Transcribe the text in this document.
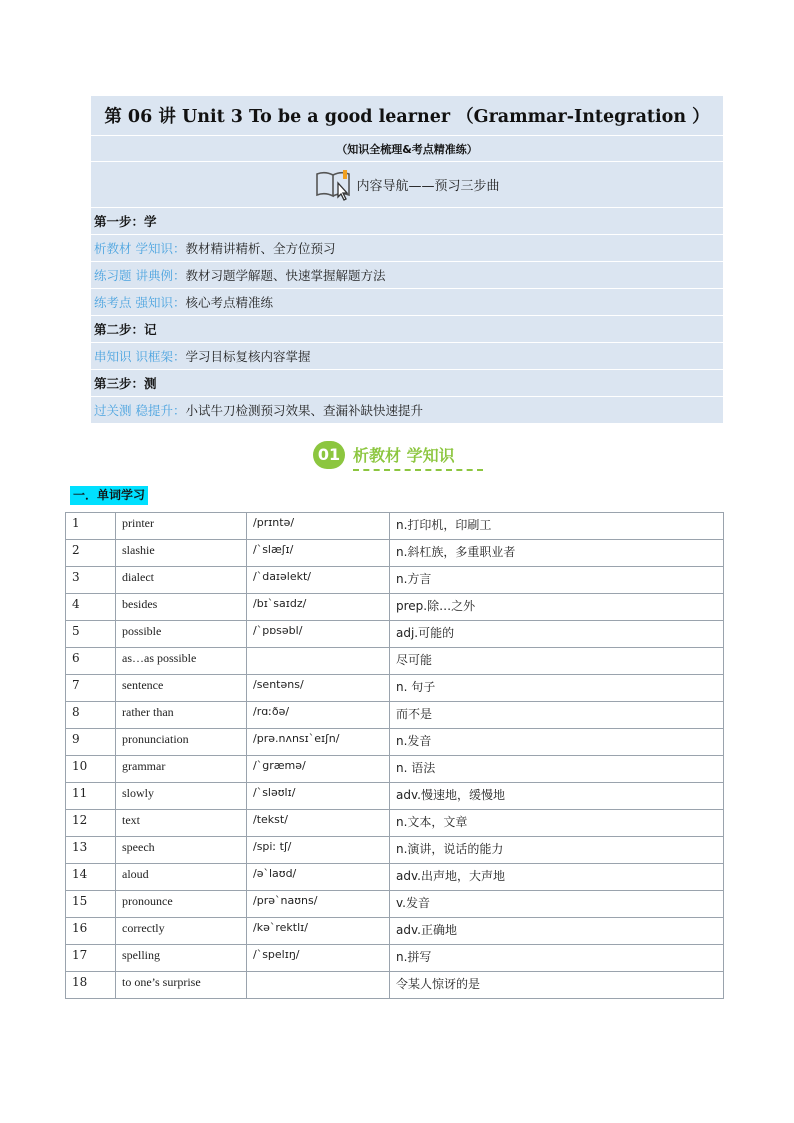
第 06 讲 Unit 3 To be a good learner （Grammar-Integration ）
（知识全梳理&考点精准练）
内容导航——预习三步曲
第一步：学
析教材 学知识： 教材精讲精析、全方位预习
练习题 讲典例： 教材习题学解题、快速掌握解题方法
练考点 强知识： 核心考点精准练
第二步：记
串知识 识框架： 学习目标复核内容掌握
第三步：测
过关测 稳提升： 小试牛刀检测预习效果、查漏补缺快速提升
01 析教材 学知识
一．单词学习
1	printer	/prɪntə/	n.打印机，印刷工
2	slashie	/ˋslæʃɪ/	n.斜杠族，多重职业者
3	dialect	/ˋdaɪəlekt/	n.方言
4	besides	/bɪˋsaɪdz/	prep.除…之外
5	possible	/ˋpɒsəbl/	adj.可能的
6	as…as possible		尽可能
7	sentence	/sentəns/	n. 句子
8	rather than	/rɑːðə/	而不是
9	pronunciation	/prə.nʌnsɪˋeɪʃn/	n.发音
10	grammar	/ˋgræmə/	n. 语法
11	slowly	/ˋsləʊlɪ/	adv.慢速地，缓慢地
12	text	/tekst/	n.文本，文章
13	speech	/spiː tʃ/	n.演讲，说话的能力
14	aloud	/əˋlaʊd/	adv.出声地，大声地
15	pronounce	/prəˋnaʊns/	v.发音
16	correctly	/kəˋrektlɪ/	adv.正确地
17	spelling	/ˋspelɪŋ/	n.拼写
18	to one’s surprise		令某人惊讶的是
